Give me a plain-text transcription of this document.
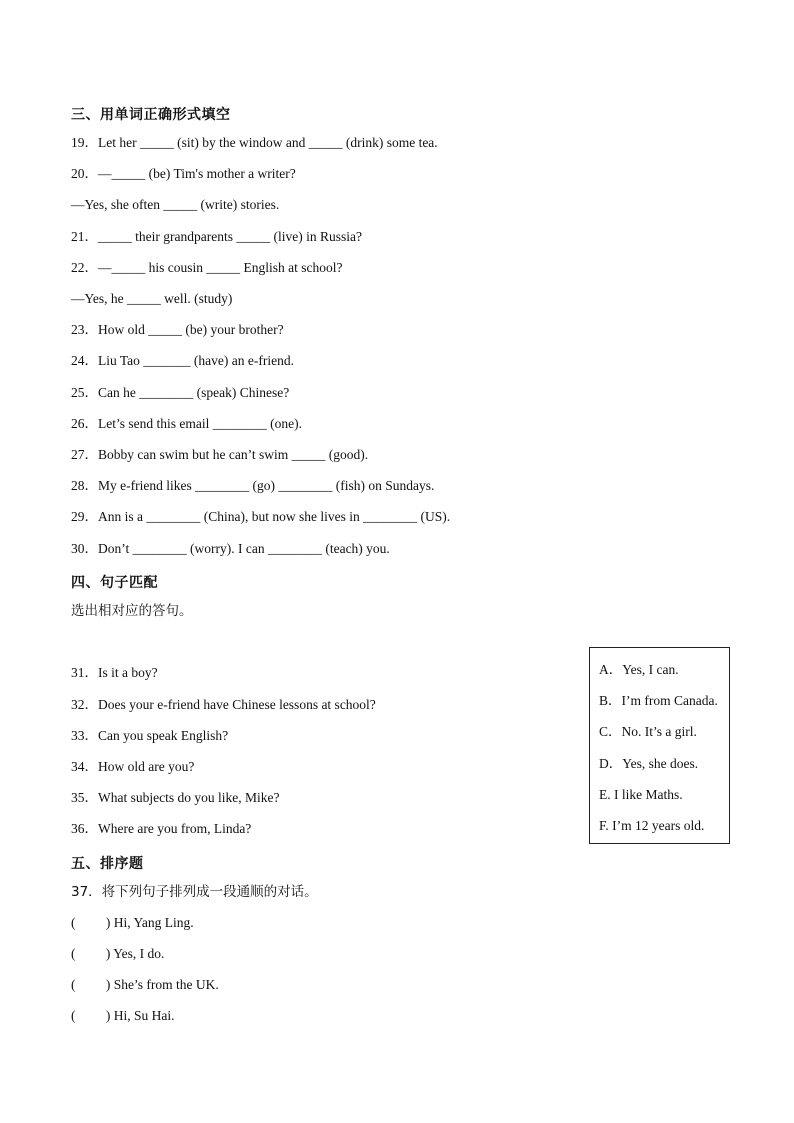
三、用单词正确形式填空
19．Let her _____ (sit) by the window and _____ (drink) some tea.
20．—_____ (be) Tim's mother a writer?
—Yes, she often _____ (write) stories.
21．_____ their grandparents _____ (live) in Russia?
22．—_____ his cousin _____ English at school?
—Yes, he _____ well. (study)
23．How old _____ (be) your brother?
24．Liu Tao _______ (have) an e-friend.
25．Can he ________ (speak) Chinese?
26．Let’s send this email ________ (one).
27．Bobby can swim but he can’t swim _____ (good).
28．My e-friend likes ________ (go) ________ (fish) on Sundays.
29．Ann is a ________ (China), but now she lives in ________ (US).
30．Don’t ________ (worry). I can ________ (teach) you.
四、句子匹配
选出相对应的答句。
31．Is it a boy?
32．Does your e-friend have Chinese lessons at school?
33．Can you speak English?
34．How old are you?
35．What subjects do you like, Mike?
36．Where are you from, Linda?
A．Yes, I can.
B．I’m from Canada.
C．No. It’s a girl.
D．Yes, she does.
E. I like Maths.
F. I’m 12 years old.
五、排序题
37．将下列句子排列成一段通顺的对话。
(         ) Hi, Yang Ling.
(         ) Yes, I do.
(         ) She’s from the UK.
(         ) Hi, Su Hai.
